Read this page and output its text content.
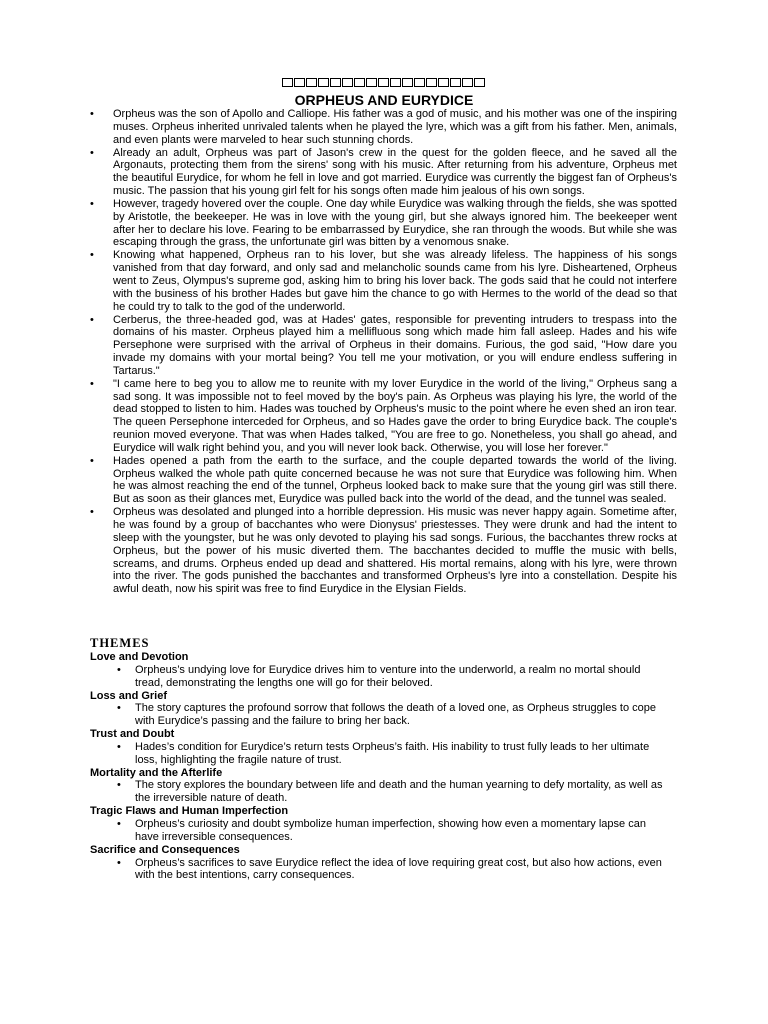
ORPHEUS AND EURYDICE
• Orpheus was the son of Apollo and Calliope. His father was a god of music, and his mother was one of the inspiring muses. Orpheus inherited unrivaled talents when he played the lyre, which was a gift from his father. Men, animals, and even plants were marveled to hear such stunning chords.
• Already an adult, Orpheus was part of Jason's crew in the quest for the golden fleece, and he saved all the Argonauts, protecting them from the sirens' song with his music. After returning from his adventure, Orpheus met the beautiful Eurydice, for whom he fell in love and got married. Eurydice was currently the biggest fan of Orpheus's music. The passion that his young girl felt for his songs often made him jealous of his own songs.
• However, tragedy hovered over the couple. One day while Eurydice was walking through the fields, she was spotted by Aristotle, the beekeeper. He was in love with the young girl, but she always ignored him. The beekeeper went after her to declare his love. Fearing to be embarrassed by Eurydice, she ran through the woods. But while she was escaping through the grass, the unfortunate girl was bitten by a venomous snake.
• Knowing what happened, Orpheus ran to his lover, but she was already lifeless. The happiness of his songs vanished from that day forward, and only sad and melancholic sounds came from his lyre. Disheartened, Orpheus went to Zeus, Olympus's supreme god, asking him to bring his lover back. The gods said that he could not interfere with the business of his brother Hades but gave him the chance to go with Hermes to the world of the dead so that he could try to talk to the god of the underworld.
• Cerberus, the three-headed god, was at Hades' gates, responsible for preventing intruders to trespass into the domains of his master. Orpheus played him a mellifluous song which made him fall asleep. Hades and his wife Persephone were surprised with the arrival of Orpheus in their domains. Furious, the god said, "How dare you invade my domains with your mortal being? You tell me your motivation, or you will endure endless suffering in Tartarus."
• "I came here to beg you to allow me to reunite with my lover Eurydice in the world of the living," Orpheus sang a sad song. It was impossible not to feel moved by the boy's pain. As Orpheus was playing his lyre, the world of the dead stopped to listen to him. Hades was touched by Orpheus's music to the point where he even shed an iron tear. The queen Persephone interceded for Orpheus, and so Hades gave the order to bring Eurydice back. The couple's reunion moved everyone. That was when Hades talked, "You are free to go. Nonetheless, you shall go ahead, and Eurydice will walk right behind you, and you will never look back. Otherwise, you will lose her forever."
• Hades opened a path from the earth to the surface, and the couple departed towards the world of the living. Orpheus walked the whole path quite concerned because he was not sure that Eurydice was following him. When he was almost reaching the end of the tunnel, Orpheus looked back to make sure that the young girl was still there. But as soon as their glances met, Eurydice was pulled back into the world of the dead, and the tunnel was sealed.
• Orpheus was desolated and plunged into a horrible depression. His music was never happy again. Sometime after, he was found by a group of bacchantes who were Dionysus' priestesses. They were drunk and had the intent to sleep with the youngster, but he was only devoted to playing his sad songs. Furious, the bacchantes threw rocks at Orpheus, but the power of his music diverted them. The bacchantes decided to muffle the music with bells, screams, and drums. Orpheus ended up dead and shattered. His mortal remains, along with his lyre, were thrown into the river. The gods punished the bacchantes and transformed Orpheus's lyre into a constellation. Despite his awful death, now his spirit was free to find Eurydice in the Elysian Fields.
THEMES
Love and Devotion
• Orpheus’s undying love for Eurydice drives him to venture into the underworld, a realm no mortal should tread, demonstrating the lengths one will go for their beloved.
Loss and Grief
• The story captures the profound sorrow that follows the death of a loved one, as Orpheus struggles to cope with Eurydice’s passing and the failure to bring her back.
Trust and Doubt
• Hades’s condition for Eurydice’s return tests Orpheus’s faith. His inability to trust fully leads to her ultimate loss, highlighting the fragile nature of trust.
Mortality and the Afterlife
• The story explores the boundary between life and death and the human yearning to defy mortality, as well as the irreversible nature of death.
Tragic Flaws and Human Imperfection
• Orpheus’s curiosity and doubt symbolize human imperfection, showing how even a momentary lapse can have irreversible consequences.
Sacrifice and Consequences
• Orpheus’s sacrifices to save Eurydice reflect the idea of love requiring great cost, but also how actions, even with the best intentions, carry consequences.
